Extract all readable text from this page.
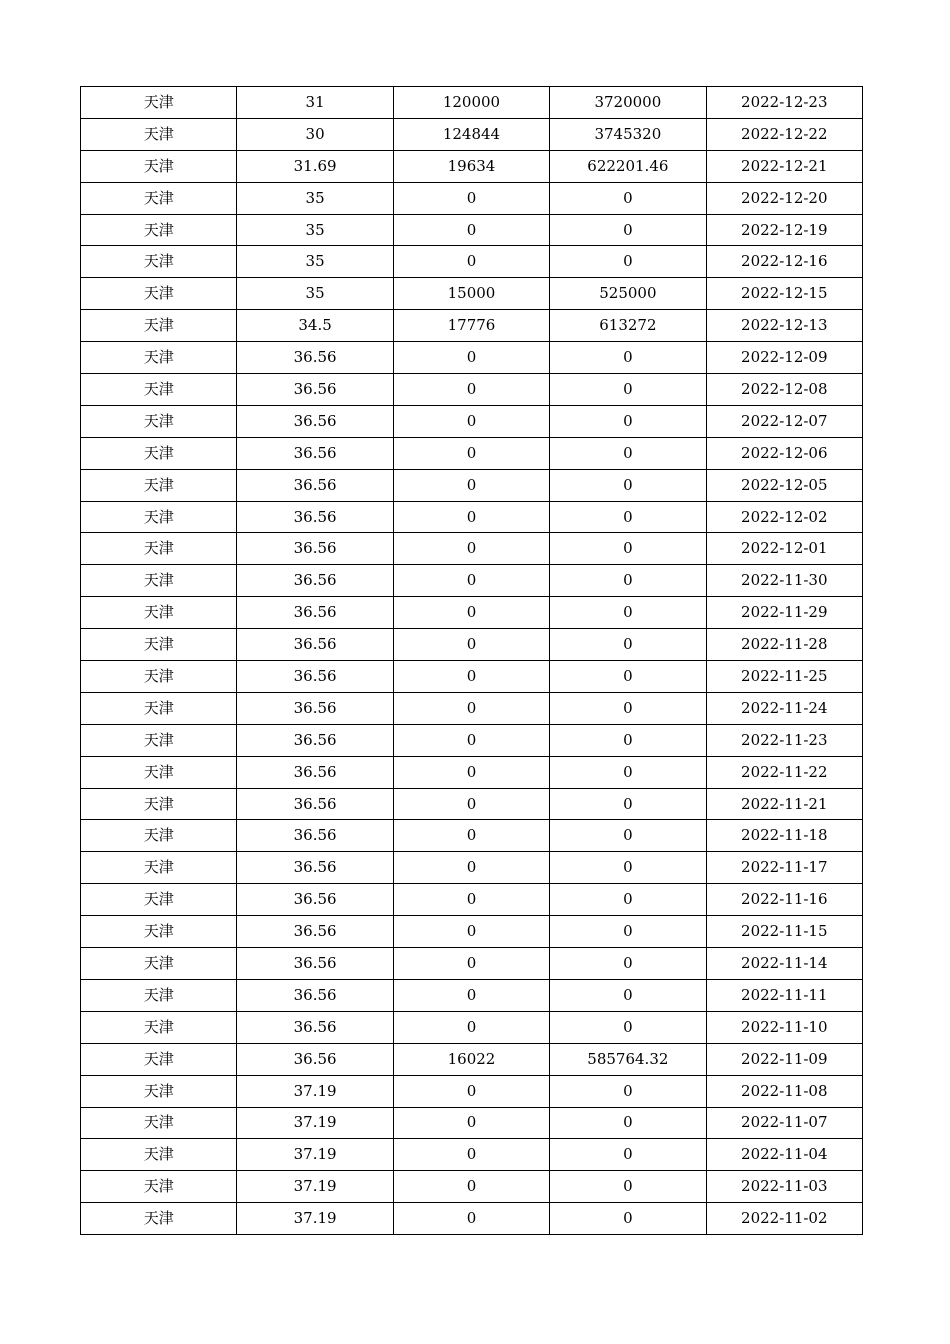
天津	31	120000	3720000	2022-12-23
天津	30	124844	3745320	2022-12-22
天津	31.69	19634	622201.46	2022-12-21
天津	35	0	0	2022-12-20
天津	35	0	0	2022-12-19
天津	35	0	0	2022-12-16
天津	35	15000	525000	2022-12-15
天津	34.5	17776	613272	2022-12-13
天津	36.56	0	0	2022-12-09
天津	36.56	0	0	2022-12-08
天津	36.56	0	0	2022-12-07
天津	36.56	0	0	2022-12-06
天津	36.56	0	0	2022-12-05
天津	36.56	0	0	2022-12-02
天津	36.56	0	0	2022-12-01
天津	36.56	0	0	2022-11-30
天津	36.56	0	0	2022-11-29
天津	36.56	0	0	2022-11-28
天津	36.56	0	0	2022-11-25
天津	36.56	0	0	2022-11-24
天津	36.56	0	0	2022-11-23
天津	36.56	0	0	2022-11-22
天津	36.56	0	0	2022-11-21
天津	36.56	0	0	2022-11-18
天津	36.56	0	0	2022-11-17
天津	36.56	0	0	2022-11-16
天津	36.56	0	0	2022-11-15
天津	36.56	0	0	2022-11-14
天津	36.56	0	0	2022-11-11
天津	36.56	0	0	2022-11-10
天津	36.56	16022	585764.32	2022-11-09
天津	37.19	0	0	2022-11-08
天津	37.19	0	0	2022-11-07
天津	37.19	0	0	2022-11-04
天津	37.19	0	0	2022-11-03
天津	37.19	0	0	2022-11-02
